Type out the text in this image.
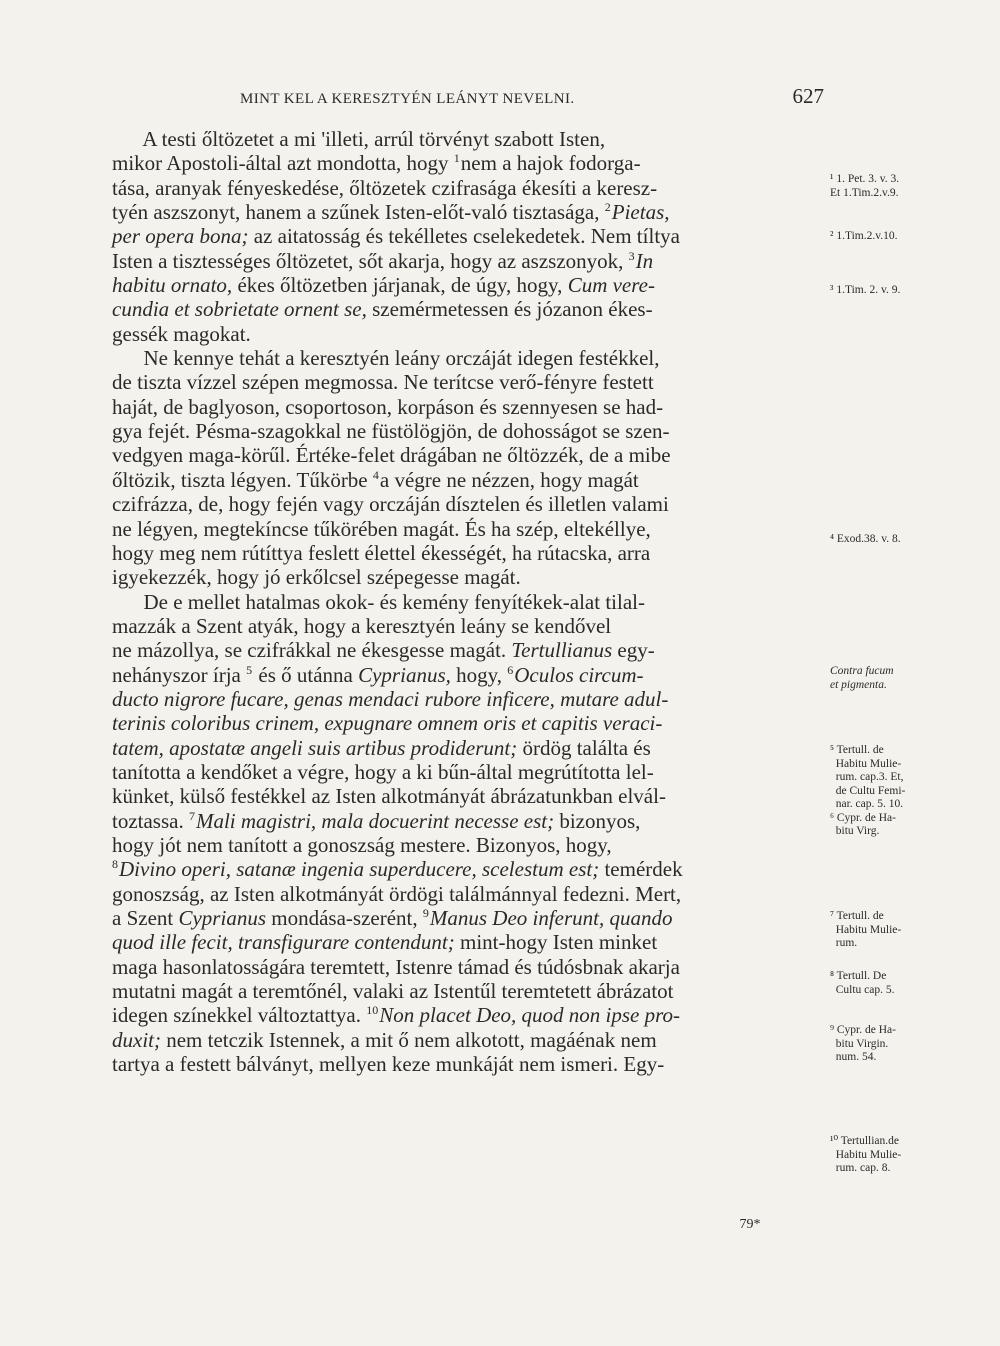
MINT KEL A KERESZTYÉN LEÁNYT NEVELNI.	627
A testi őltözetet a mi 'illeti, arrúl törvényt szabott Isten,
mikor Apostoli-által azt mondotta, hogy $^1$nem a hajok fodorga-
tása, aranyak fényeskedése, őltözetek czifrasága ékesíti a keresz-
tyén aszszonyt, hanem a szűnek Isten-előt-való tisztasága, $^2$Pietas,
per opera bona; az aitatosság és tekélletes cselekedetek. Nem tíltya
Isten a tisztességes őltözetet, sőt akarja, hogy az aszszonyok, $^3$In
habitu ornato, ékes őltözetben járjanak, de úgy, hogy, Cum vere-
cundia et sobrietate ornent se, szemérmetessen és józanon ékes-
gessék magokat.
Ne kennye tehát a keresztyén leány orczáját idegen festékkel,
de tiszta vízzel szépen megmossa. Ne terítcse verő-fényre festett
haját, de baglyoson, csoportoson, korpáson és szennyesen se had-
gya fejét. Pésma-szagokkal ne füstölögjön, de dohosságot se szen-
vedgyen maga-körűl. Értéke-felet drágában ne őltözzék, de a mibe
őltözik, tiszta légyen. Tűkörbe $^4$a végre ne nézzen, hogy magát
czifrázza, de, hogy fején vagy orczáján dísztelen és illetlen valami
ne légyen, megtekíncse tűkörében magát. És ha szép, eltekéllye,
hogy meg nem rútíttya feslett élettel ékességét, ha rútacska, arra
igyekezzék, hogy jó erkőlcsel szépegesse magát.
De e mellet hatalmas okok- és kemény fenyítékek-alat tilal-
mazzák a Szent atyák, hogy a keresztyén leány se kendővel
ne mázollya, se czifrákkal ne ékesgesse magát. Tertullianus egy-
nehányszor írja $^5$ és ő utánna Cyprianus, hogy, $^6$Oculos circum-
ducto nigrore fucare, genas mendaci rubore inficere, mutare adul-
terinis coloribus crinem, expugnare omnem oris et capitis veraci-
tatem, apostatæ angeli suis artibus prodiderunt; ördög találta és
tanította a kendőket a végre, hogy a ki bűn-által megrútította lel-
künket, külső festékkel az Isten alkotmányát ábrázatunkban elvál-
toztassa. $^7$Mali magistri, mala docuerint necesse est; bizonyos,
hogy jót nem tanított a gonoszság mestere. Bizonyos, hogy,
$^8$Divino operi, satanæ ingenia superducere, scelestum est; temérdek
gonoszság, az Isten alkotmányát ördögi találmánnyal fedezni. Mert,
a Szent Cyprianus mondása-szerént, $^9$Manus Deo inferunt, quando
quod ille fecit, transfigurare contendunt; mint-hogy Isten minket
maga hasonlatosságára teremtett, Istenre támad és túdósbnak akarja
mutatni magát a teremtőnél, valaki az Istentűl teremtetett ábrázatot
idegen színekkel változtattya. $^{10}$Non placet Deo, quod non ipse pro-
duxit; nem tetczik Istennek, a mit ő nem alkotott, magáénak nem
tartya a festett bálványt, mellyen keze munkáját nem ismeri. Egy-
¹ 1. Pet. 3. v. 3.
Et 1.Tim.2.v.9.
² 1.Tim.2.v.10.
³ 1.Tim. 2. v. 9.
⁴ Exod.38. v. 8.
Contra fucum
et pigmenta.
⁵ Tertull. de
Habitu Mulie-
rum. cap.3. Et,
de Cultu Femi-
nar. cap. 5. 10.
⁶ Cypr. de Ha-
bitu Virg.
⁷ Tertull. de
Habitu Mulie-
rum.
⁸ Tertull. De
Cultu cap. 5.
⁹ Cypr. de Ha-
bitu Virgin.
num. 54.
¹⁰ Tertullian.de
Habitu Mulie-
rum. cap. 8.
79*
